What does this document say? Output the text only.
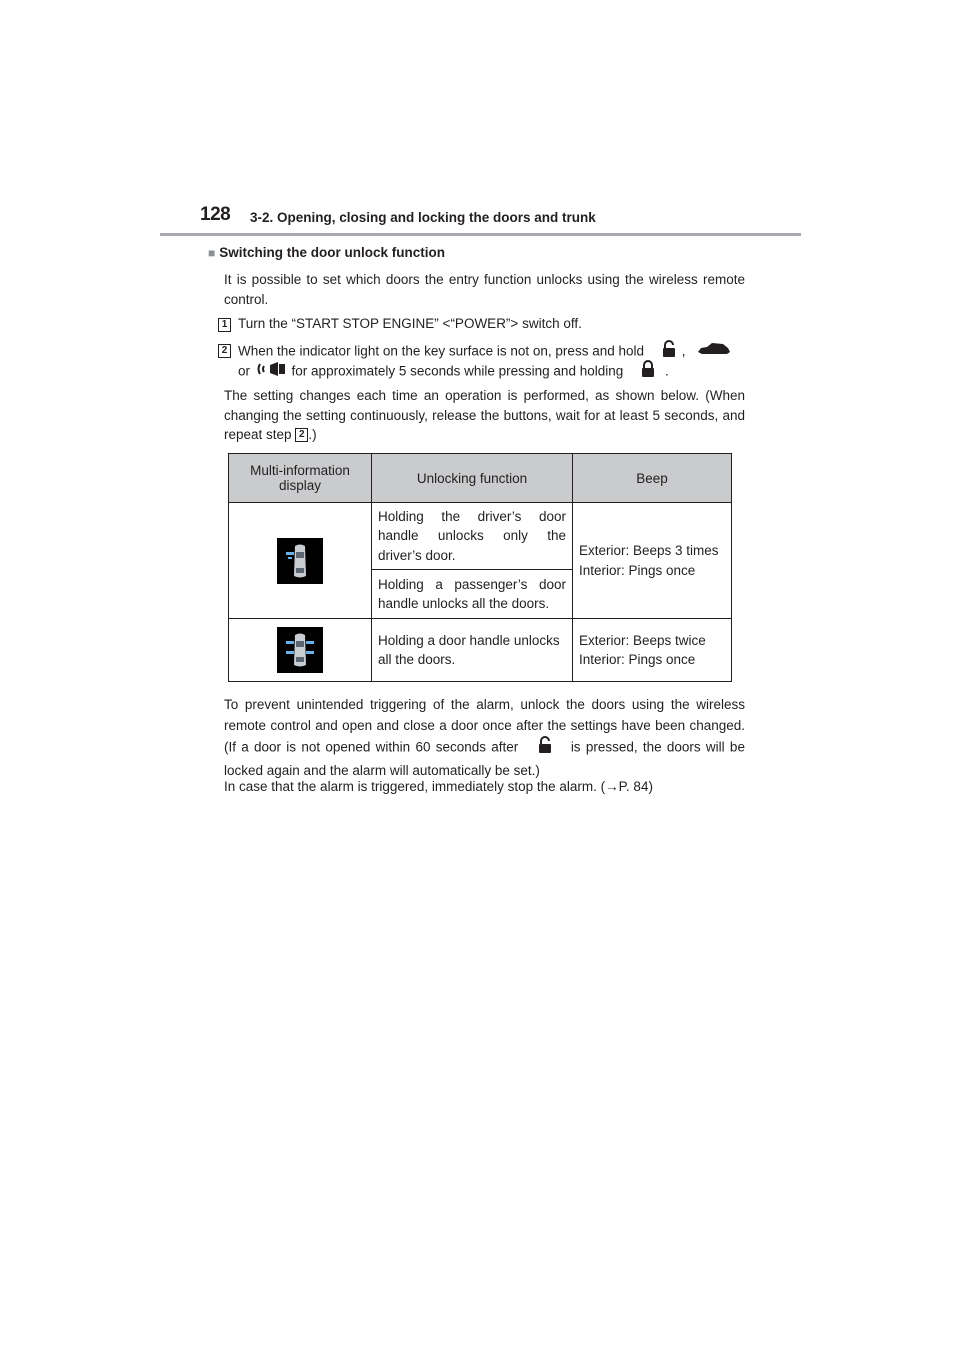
128 3-2. Opening, closing and locking the doors and trunk
■ Switching the door unlock function
It is possible to set which doors the entry function unlocks using the wireless remote control.
1 Turn the “START STOP ENGINE” <“POWER”> switch off.
2 When the indicator light on the key surface is not on, press and hold	,
or	for approximately 5 seconds while pressing and holding	.
The setting changes each time an operation is performed, as shown below. (When changing the setting continuously, release the buttons, wait for at least 5 seconds, and repeat step 2 .)
Multi-information display	Unlocking function	Beep

	Holding the driver’s door handle unlocks only the driver’s door.	Exterior: Beeps 3 times
Interior: Pings once

	Holding a passenger’s door handle unlocks all the doors.	

	Holding a door handle unlocks all the doors.	Exterior: Beeps twice
Interior: Pings once
To prevent unintended triggering of the alarm, unlock the doors using the wireless remote control and open and close a door once after the settings have been changed. (If a door is not opened within 60 seconds after	is pressed, the doors will be locked again and the alarm will automatically be set.)
In case that the alarm is triggered, immediately stop the alarm. (→P. 84)
